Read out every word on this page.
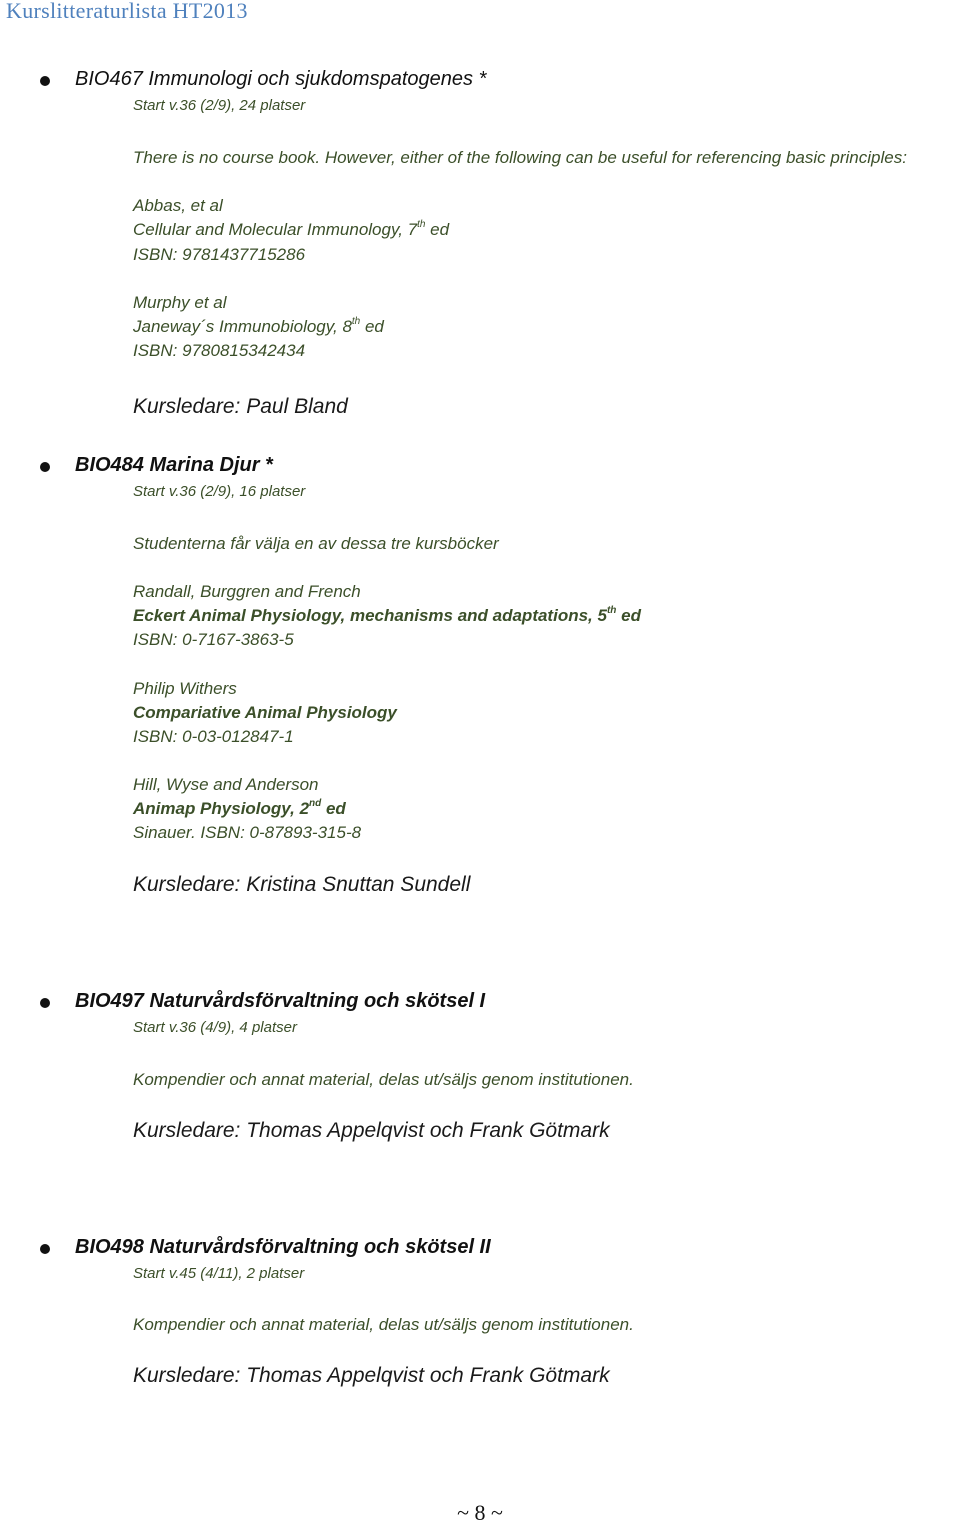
Kurslitteraturlista HT2013
BIO467 Immunologi och sjukdomspatogenes *
Start v.36 (2/9), 24 platser
There is no course book. However, either of the following can be useful for referencing basic principles:
Abbas, et al
Cellular and Molecular Immunology, 7th ed
ISBN: 9781437715286
Murphy et al
Janeway´s Immunobiology, 8th ed
ISBN: 9780815342434
Kursledare: Paul Bland
BIO484 Marina Djur *
Start v.36 (2/9), 16 platser
Studenterna får välja en av dessa tre kursböcker
Randall, Burggren and French
Eckert Animal Physiology, mechanisms and adaptations, 5th ed
ISBN: 0-7167-3863-5
Philip Withers
Compariative Animal Physiology
ISBN: 0-03-012847-1
Hill, Wyse and Anderson
Animap Physiology, 2nd ed
Sinauer. ISBN: 0-87893-315-8
Kursledare: Kristina Snuttan Sundell
BIO497 Naturvårdsförvaltning och skötsel I
Start v.36 (4/9), 4 platser
Kompendier och annat material, delas ut/säljs genom institutionen.
Kursledare: Thomas Appelqvist och Frank Götmark
BIO498 Naturvårdsförvaltning och skötsel II
Start v.45 (4/11), 2 platser
Kompendier och annat material, delas ut/säljs genom institutionen.
Kursledare: Thomas Appelqvist och Frank Götmark
~ 8 ~
